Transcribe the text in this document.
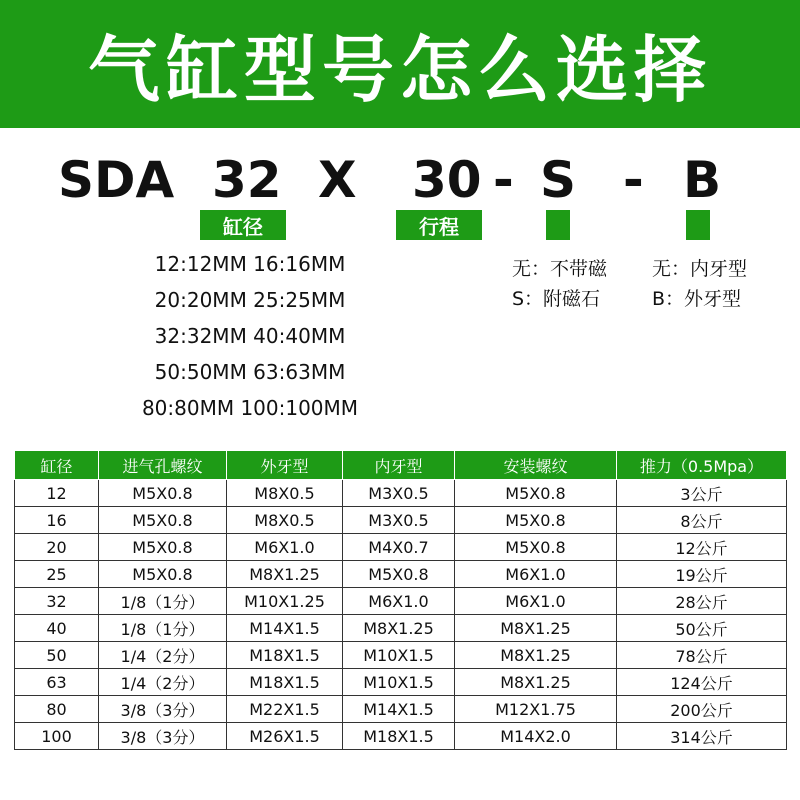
气缸型号怎么选择
SDA 32 X 30 - S - B
缸径	行程
12:12MM 16:16MM
20:20MM 25:25MM
32:32MM 40:40MM
50:50MM 63:63MM
80:80MM 100:100MM
无：不带磁	无：内牙型
S：附磁石	B：外牙型
缸径	进气孔螺纹	外牙型	内牙型	安装螺纹	推力（0.5Mpa）
12	M5X0.8	M8X0.5	M3X0.5	M5X0.8	3公斤
16	M5X0.8	M8X0.5	M3X0.5	M5X0.8	8公斤
20	M5X0.8	M6X1.0	M4X0.7	M5X0.8	12公斤
25	M5X0.8	M8X1.25	M5X0.8	M6X1.0	19公斤
32	1/8（1分）	M10X1.25	M6X1.0	M6X1.0	28公斤
40	1/8（1分）	M14X1.5	M8X1.25	M8X1.25	50公斤
50	1/4（2分）	M18X1.5	M10X1.5	M8X1.25	78公斤
63	1/4（2分）	M18X1.5	M10X1.5	M8X1.25	124公斤
80	3/8（3分）	M22X1.5	M14X1.5	M12X1.75	200公斤
100	3/8（3分）	M26X1.5	M18X1.5	M14X2.0	314公斤
